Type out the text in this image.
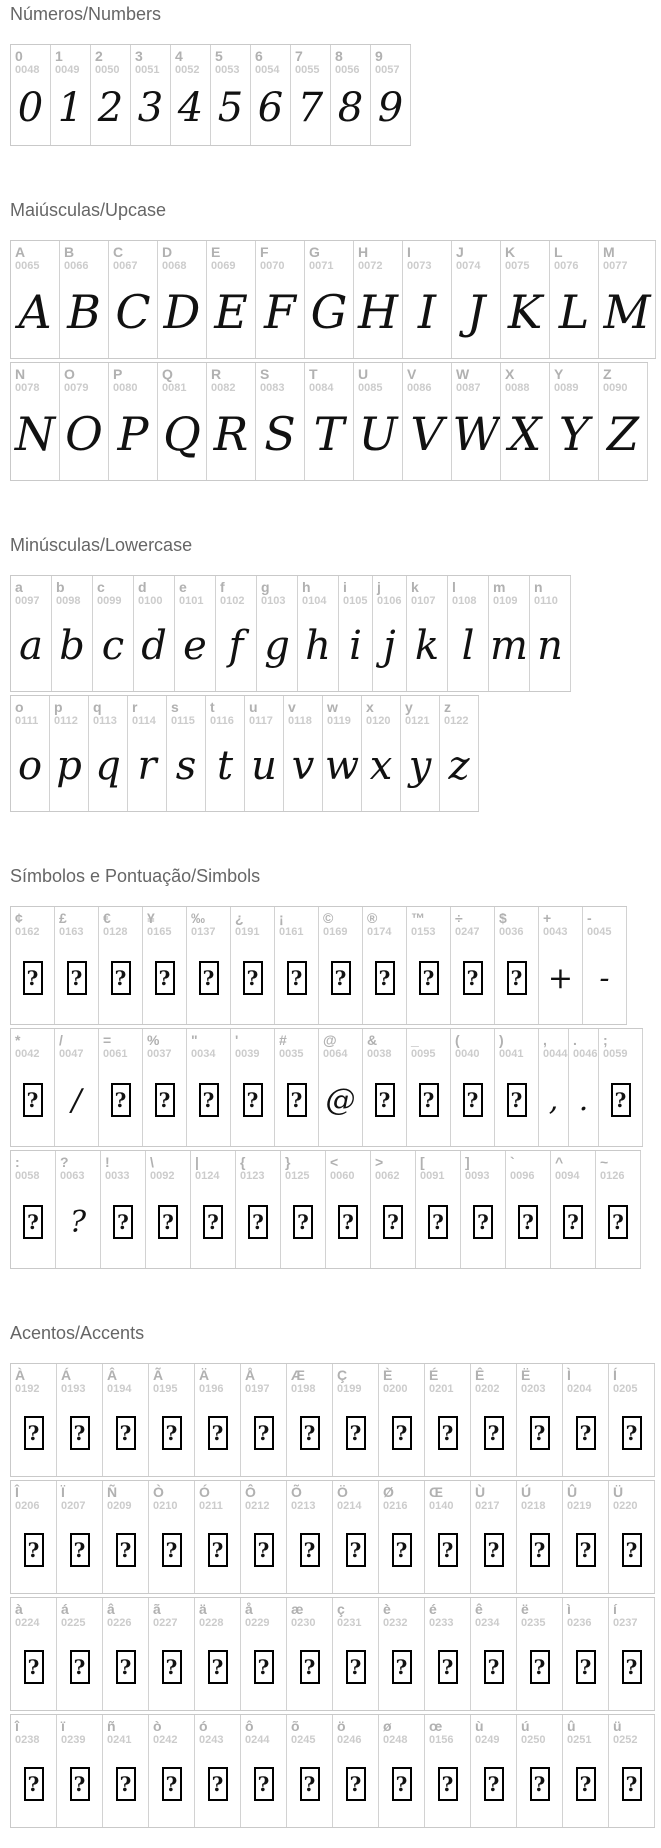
Números/Numbers
0
0048
0
1
0049
1
2
0050
2
3
0051
3
4
0052
4
5
0053
5
6
0054
6
7
0055
7
8
0056
8
9
0057
9
Maiúsculas/Upcase
A
0065
A
B
0066
B
C
0067
C
D
0068
D
E
0069
E
F
0070
F
G
0071
G
H
0072
H
I
0073
I
J
0074
J
K
0075
K
L
0076
L
M
0077
M
N
0078
N
O
0079
O
P
0080
P
Q
0081
Q
R
0082
R
S
0083
S
T
0084
T
U
0085
U
V
0086
V
W
0087
W
X
0088
X
Y
0089
Y
Z
0090
Z
Minúsculas/Lowercase
a
0097
a
b
0098
b
c
0099
c
d
0100
d
e
0101
e
f
0102
f
g
0103
g
h
0104
h
i
0105
i
j
0106
j
k
0107
k
l
0108
l
m
0109
m
n
0110
n
o
0111
o
p
0112
p
q
0113
q
r
0114
r
s
0115
s
t
0116
t
u
0117
u
v
0118
v
w
0119
w
x
0120
x
y
0121
y
z
0122
z
Símbolos e Pontuação/Simbols
¢
0162
?
£
0163
?
€
0128
?
¥
0165
?
‰
0137
?
¿
0191
?
¡
0161
?
©
0169
?
®
0174
?
™
0153
?
÷
0247
?
$
0036
?
+
0043
+
-
0045
-
*
0042
?
/
0047
/
=
0061
?
%
0037
?
"
0034
?
'
0039
?
#
0035
?
@
0064
@
&
0038
?
_
0095
?
(
0040
?
)
0041
?
,
0044
,
.
0046
.
;
0059
?
:
0058
?
?
0063
?
!
0033
?
\
0092
?
|
0124
?
{
0123
?
}
0125
?
<
0060
?
>
0062
?
[
0091
?
]
0093
?
`
0096
?
^
0094
?
~
0126
?
Acentos/Accents
À
0192
?
Á
0193
?
Â
0194
?
Ã
0195
?
Ä
0196
?
Å
0197
?
Æ
0198
?
Ç
0199
?
È
0200
?
É
0201
?
Ê
0202
?
Ë
0203
?
Ì
0204
?
Í
0205
?
Î
0206
?
Ï
0207
?
Ñ
0209
?
Ò
0210
?
Ó
0211
?
Ô
0212
?
Õ
0213
?
Ö
0214
?
Ø
0216
?
Œ
0140
?
Ù
0217
?
Ú
0218
?
Û
0219
?
Ü
0220
?
à
0224
?
á
0225
?
â
0226
?
ã
0227
?
ä
0228
?
å
0229
?
æ
0230
?
ç
0231
?
è
0232
?
é
0233
?
ê
0234
?
ë
0235
?
ì
0236
?
í
0237
?
î
0238
?
ï
0239
?
ñ
0241
?
ò
0242
?
ó
0243
?
ô
0244
?
õ
0245
?
ö
0246
?
ø
0248
?
œ
0156
?
ù
0249
?
ú
0250
?
û
0251
?
ü
0252
?
